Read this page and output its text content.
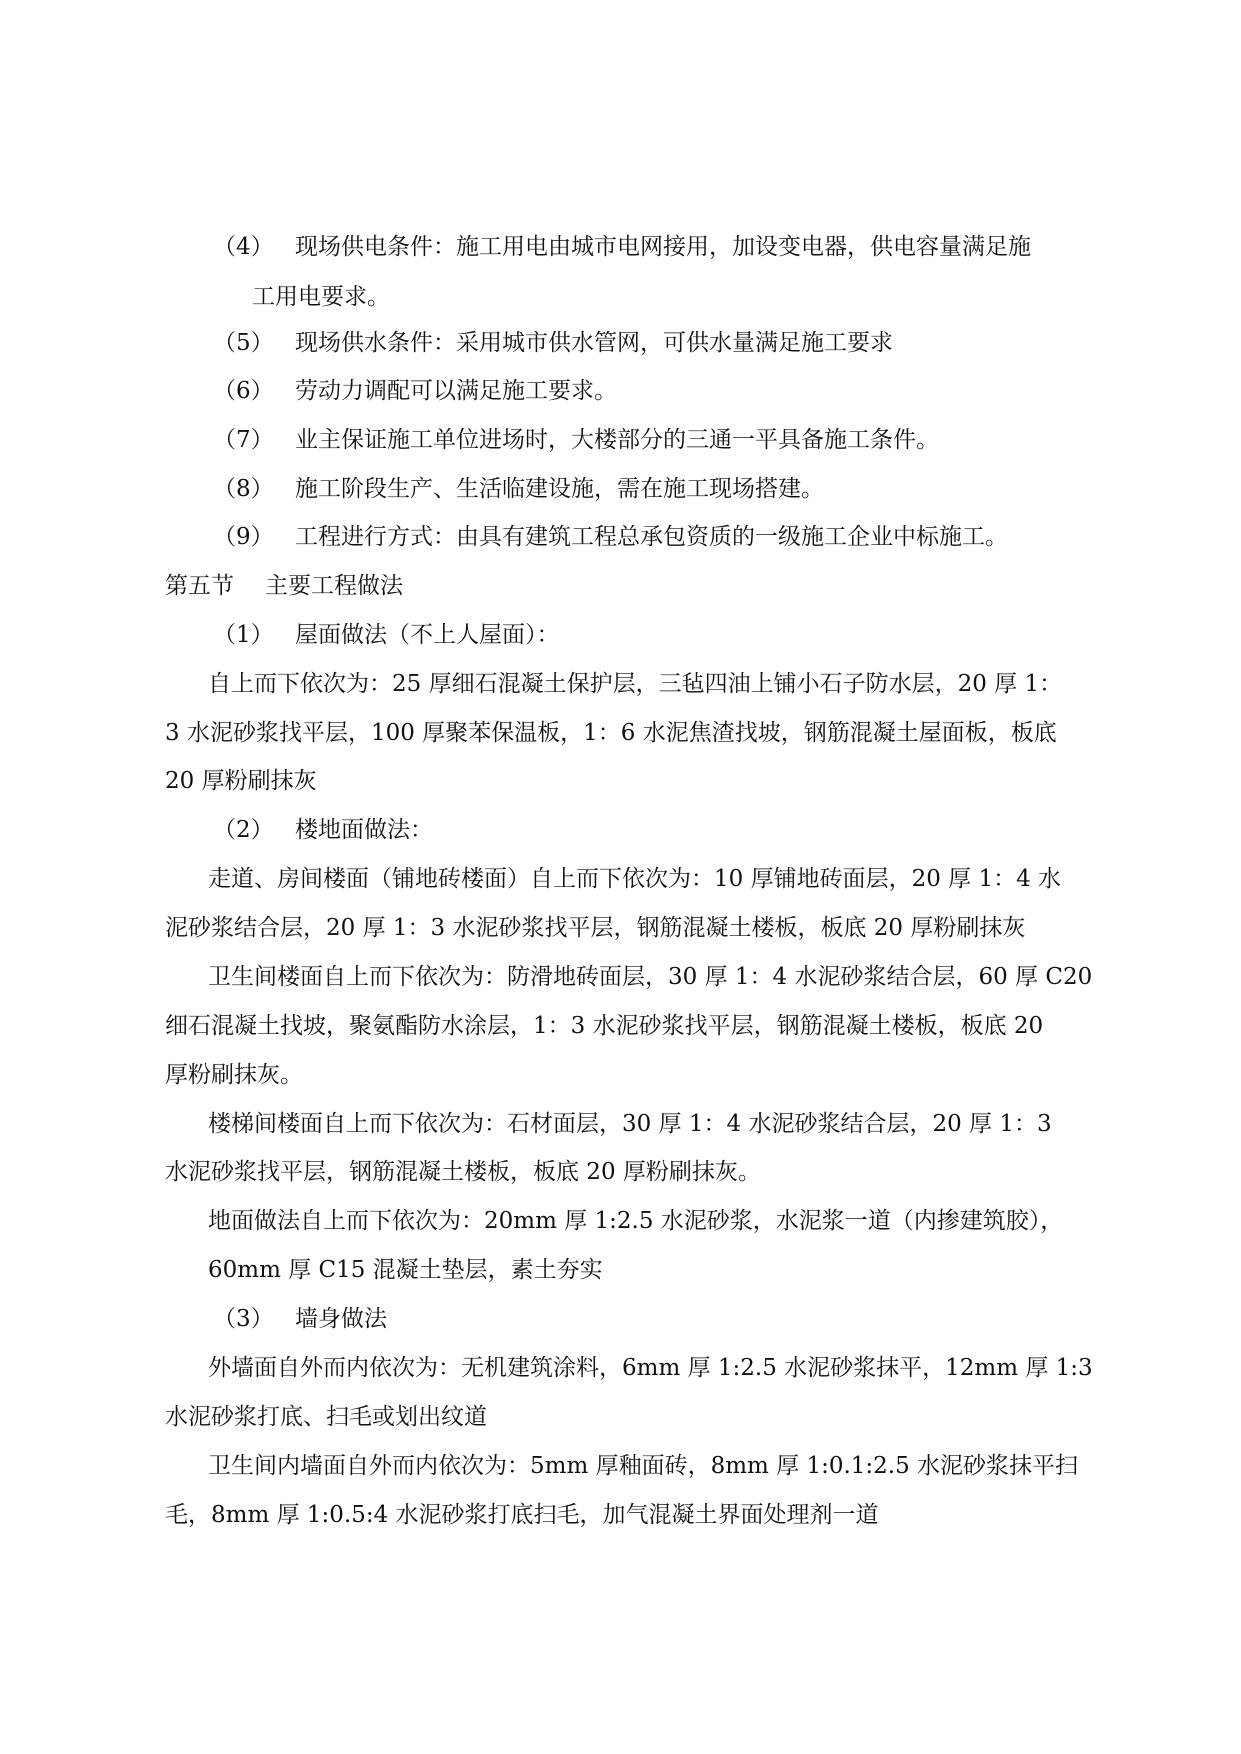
（4） 现场供电条件：施工用电由城市电网接用，加设变电器，供电容量满足施
工用电要求。
（5） 现场供水条件：采用城市供水管网，可供水量满足施工要求
（6） 劳动力调配可以满足施工要求。
（7） 业主保证施工单位进场时，大楼部分的三通一平具备施工条件。
（8） 施工阶段生产、生活临建设施，需在施工现场搭建。
（9） 工程进行方式：由具有建筑工程总承包资质的一级施工企业中标施工。
第五节 主要工程做法
（1） 屋面做法（不上人屋面）：
自上而下依次为：25 厚细石混凝土保护层，三毡四油上铺小石子防水层，20 厚 1：
3 水泥砂浆找平层，100 厚聚苯保温板，1：6 水泥焦渣找坡，钢筋混凝土屋面板，板底
20 厚粉刷抹灰
（2） 楼地面做法：
走道、房间楼面（铺地砖楼面）自上而下依次为：10 厚铺地砖面层，20 厚 1：4 水
泥砂浆结合层，20 厚 1：3 水泥砂浆找平层，钢筋混凝土楼板，板底 20 厚粉刷抹灰
卫生间楼面自上而下依次为：防滑地砖面层，30 厚 1：4 水泥砂浆结合层，60 厚 C20
细石混凝土找坡，聚氨酯防水涂层，1：3 水泥砂浆找平层，钢筋混凝土楼板，板底 20
厚粉刷抹灰。
楼梯间楼面自上而下依次为：石材面层，30 厚 1：4 水泥砂浆结合层，20 厚 1：3
水泥砂浆找平层，钢筋混凝土楼板，板底 20 厚粉刷抹灰。
地面做法自上而下依次为：20mm 厚 1:2.5 水泥砂浆，水泥浆一道（内掺建筑胶），
60mm 厚 C15 混凝土垫层，素土夯实
（3） 墙身做法
外墙面自外而内依次为：无机建筑涂料，6mm 厚 1:2.5 水泥砂浆抹平，12mm 厚 1:3
水泥砂浆打底、扫毛或划出纹道
卫生间内墙面自外而内依次为：5mm 厚釉面砖，8mm 厚 1:0.1:2.5 水泥砂浆抹平扫
毛，8mm 厚 1:0.5:4 水泥砂浆打底扫毛，加气混凝土界面处理剂一道
